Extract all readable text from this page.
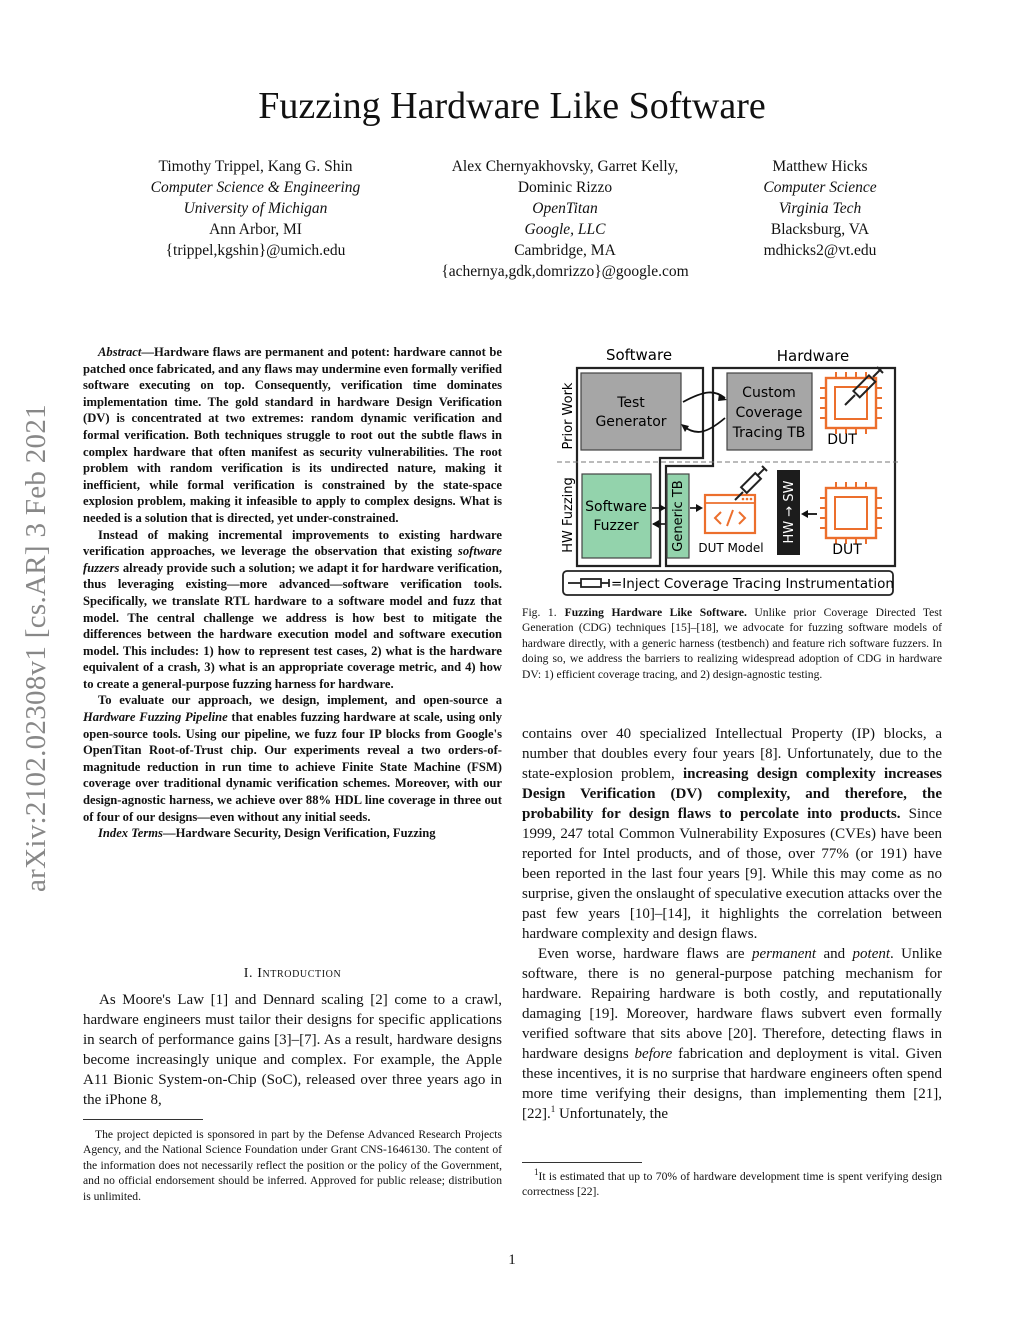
Fuzzing Hardware Like Software
Timothy Trippel, Kang G. Shin
Computer Science & Engineering
University of Michigan
Ann Arbor, MI
{trippel,kgshin}@umich.edu
Alex Chernyakhovsky, Garret Kelly,
Dominic Rizzo
OpenTitan
Google, LLC
Cambridge, MA
{achernya,gdk,domrizzo}@google.com
Matthew Hicks
Computer Science
Virginia Tech
Blacksburg, VA
mdhicks2@vt.edu
arXiv:2102.02308v1 [cs.AR] 3 Feb 2021

Abstract—Hardware flaws are permanent and potent: hardware cannot be patched once fabricated, and any flaws may undermine even formally verified software executing on top. Consequently, verification time dominates implementation time. The gold standard in hardware Design Verification (DV) is concentrated at two extremes: random dynamic verification and formal verification. Both techniques struggle to root out the subtle flaws in complex hardware that often manifest as security vulnerabilities. The root problem with random verification is its undirected nature, making it inefficient, while formal verification is constrained by the state-space explosion problem, making it infeasible to apply to complex designs. What is needed is a solution that is directed, yet under-constrained.

Instead of making incremental improvements to existing hardware verification approaches, we leverage the observation that existing software fuzzers already provide such a solution; we adapt it for hardware verification, thus leveraging existing—more advanced—software verification tools. Specifically, we translate RTL hardware to a software model and fuzz that model. The central challenge we address is how best to mitigate the differences between the hardware execution model and software execution model. This includes: 1) how to represent test cases, 2) what is the hardware equivalent of a crash, 3) what is an appropriate coverage metric, and 4) how to create a general-purpose fuzzing harness for hardware.

To evaluate our approach, we design, implement, and open-source a Hardware Fuzzing Pipeline that enables fuzzing hardware at scale, using only open-source tools. Using our pipeline, we fuzz four IP blocks from Google's OpenTitan Root-of-Trust chip. Our experiments reveal a two orders-of-magnitude reduction in run time to achieve Finite State Machine (FSM) coverage over traditional dynamic verification schemes. Moreover, with our design-agnostic harness, we achieve over 88% HDL line coverage in three out of four of our designs—even without any initial seeds.

Index Terms—Hardware Security, Design Verification, Fuzzing

I. Introduction

As Moore's Law [1] and Dennard scaling [2] come to a crawl, hardware engineers must tailor their designs for specific applications in search of performance gains [3]–[7]. As a result, hardware designs become increasingly unique and complex. For example, the Apple A11 Bionic System-on-Chip (SoC), released over three years ago in the iPhone 8,

The project depicted is sponsored in part by the Defense Advanced Research Projects Agency, and the National Science Foundation under Grant CNS-1646130. The content of the information does not necessarily reflect the position or the policy of the Government, and no official endorsement should be inferred. Approved for public release; distribution is unlimited.
Software	Hardware
Prior Work
HW Fuzzing
Test
Generator
Custom
Coverage
Tracing TB DUT
Software
Fuzzer Generic TB DUT Model
HW → SW
DUT
=Inject Coverage Tracing Instrumentation
Fig. 1. Fuzzing Hardware Like Software. Unlike prior Coverage Directed Test Generation (CDG) techniques [15]–[18], we advocate for fuzzing software models of hardware directly, with a generic harness (testbench) and feature rich software fuzzers. In doing so, we address the barriers to realizing widespread adoption of CDG in hardware DV: 1) efficient coverage tracing, and 2) design-agnostic testing.

contains over 40 specialized Intellectual Property (IP) blocks, a number that doubles every four years [8]. Unfortunately, due to the state-explosion problem, increasing design complexity increases Design Verification (DV) complexity, and therefore, the probability for design flaws to percolate into products. Since 1999, 247 total Common Vulnerability Exposures (CVEs) have been reported for Intel products, and of those, over 77% (or 191) have been reported in the last four years [9]. While this may come as no surprise, given the onslaught of speculative execution attacks over the past few years [10]–[14], it highlights the correlation between hardware complexity and design flaws.

Even worse, hardware flaws are permanent and potent. Unlike software, there is no general-purpose patching mechanism for hardware. Repairing hardware is both costly, and reputationally damaging [19]. Moreover, hardware flaws subvert even formally verified software that sits above [20]. Therefore, detecting flaws in hardware designs before fabrication and deployment is vital. Given these incentives, it is no surprise that hardware engineers often spend more time verifying their designs, than implementing them [21], [22].$^1$ Unfortunately, the

$^1$It is estimated that up to 70% of hardware development time is spent verifying design correctness [22].
1
